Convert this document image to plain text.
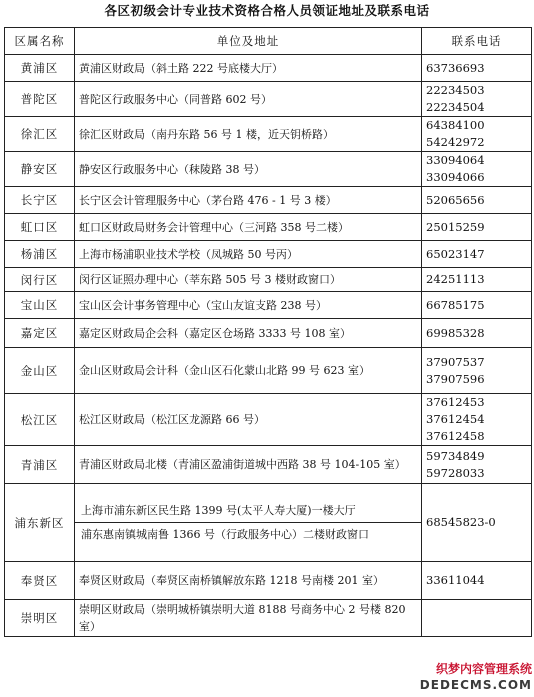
各区初级会计专业技术资格合格人员领证地址及联系电话
区属名称	单位及地址	联系电话
黄浦区	黄浦区财政局（斜土路 222 号底楼大厅）	63736693

普陀区	普陀区行政服务中心（同普路 602 号）	22234503
22234504

徐汇区	徐汇区财政局（南丹东路 56 号 1 楼，近天钥桥路）	64384100
54242972

静安区	静安区行政服务中心（秣陵路 38 号）	33094064
33094066

长宁区	长宁区会计管理服务中心（茅台路 476 - 1 号 3 楼）	52065656

虹口区	虹口区财政局财务会计管理中心（三河路 358 号二楼）	25015259

杨浦区	上海市杨浦职业技术学校（凤城路 50 号丙）	65023147

闵行区	闵行区证照办理中心（莘东路 505 号 3 楼财政窗口）	24251113

宝山区	宝山区会计事务管理中心（宝山友谊支路 238 号）	66785175

嘉定区	嘉定区财政局企会科（嘉定区仓场路 3333 号 108 室）	69985328

金山区	金山区财政局会计科（金山区石化蒙山北路 99 号 623 室）	37907537
37907596

松江区	松江区财政局（松江区龙源路 66 号）	37612453
37612454
37612458

青浦区	青浦区财政局北楼（青浦区盈浦街道城中西路 38 号 104-105 室）	59734849
59728033

浦东新区	上海市浦东新区民生路 1399 号(太平人寿大厦)一楼大厅
浦东惠南镇城南鲁 1366 号（行政服务中心）二楼财政窗口	68545823-0

奉贤区	奉贤区财政局（奉贤区南桥镇解放东路 1218 号南楼 201 室）	33611044

崇明区	崇明区财政局（崇明城桥镇崇明大道 8188 号商务中心 2 号楼 820 室）	
织梦内容管理系统
DEDECMS.COM
